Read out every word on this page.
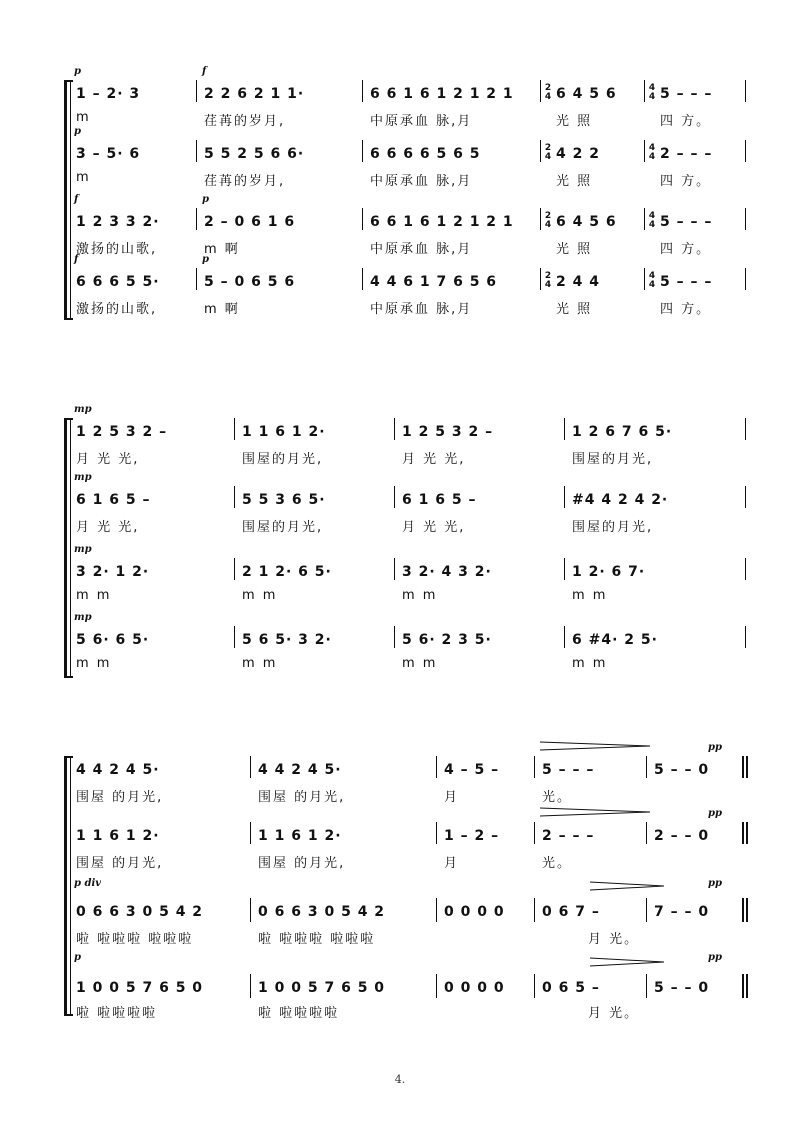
p
1 – 2· 3
m
f
2 2 6 2 1 1·
荏苒的岁月,
6 6 1 6 1 2 1 2 1
中原承血 脉,月
2
4 6 4 5 6
光 照
4
4 5 – – –
四 方。
p
3 – 5· 6
m
5 5 2 5 6 6·
荏苒的岁月,
6 6 6 6 5 6 5
中原承血 脉,月
2
4 4 2 2
光 照
4
4 2 – – –
四 方。
f
1 2 3 3 2·
激扬的山歌,
p
2 – 0 6 1 6
m 啊
6 6 1 6 1 2 1 2 1
中原承血 脉,月
2
4 6 4 5 6
光 照
4
4 5 – – –
四 方。
f
6 6 6 5 5·
激扬的山歌,
p
5 – 0 6 5 6
m 啊
4 4 6 1 7 6 5 6
中原承血 脉,月
2
4 2 4 4
光 照
4
4 5 – – –
四 方。
mp
1 2 5 3 2 –
月 光 光,
1 1 6 1 2·
围屋的月光,
1 2 5 3 2 –
月 光 光,
1 2 6 7 6 5·
围屋的月光,
mp
6 1 6 5 –
月 光 光,
5 5 3 6 5·
围屋的月光,
6 1 6 5 –
月 光 光,
#4 4 2 4 2·
围屋的月光,
mp
3 2· 1 2·
m m
2 1 2· 6 5·
m m
3 2· 4 3 2·
m m
1 2· 6 7·
m m
mp
5 6· 6 5·
m m
5 6 5· 3 2·
m m
5 6· 2 3 5·
m m
6 #4· 2 5·
m m
4 4 2 4 5·
围屋 的月光,
4 4 2 4 5·
围屋 的月光,
4 – 5 –
月
5 – – –
光。
pp
5 – – 0
1 1 6 1 2·
围屋 的月光,
1 1 6 1 2·
围屋 的月光,
1 – 2 –
月
2 – – –
光。
pp
2 – – 0
p div
0 6 6 3 0 5 4 2
啦 啦啦啦 啦啦啦
0 6 6 3 0 5 4 2
啦 啦啦啦 啦啦啦
0 0 0 0	0 6 7 –
月 光。
pp
7 – – 0
p
1 0 0 5 7 6 5 0
啦 啦啦啦啦
1 0 0 5 7 6 5 0
啦 啦啦啦啦
0 0 0 0	0 6 5 –
月 光。
pp
5 – – 0
4.
